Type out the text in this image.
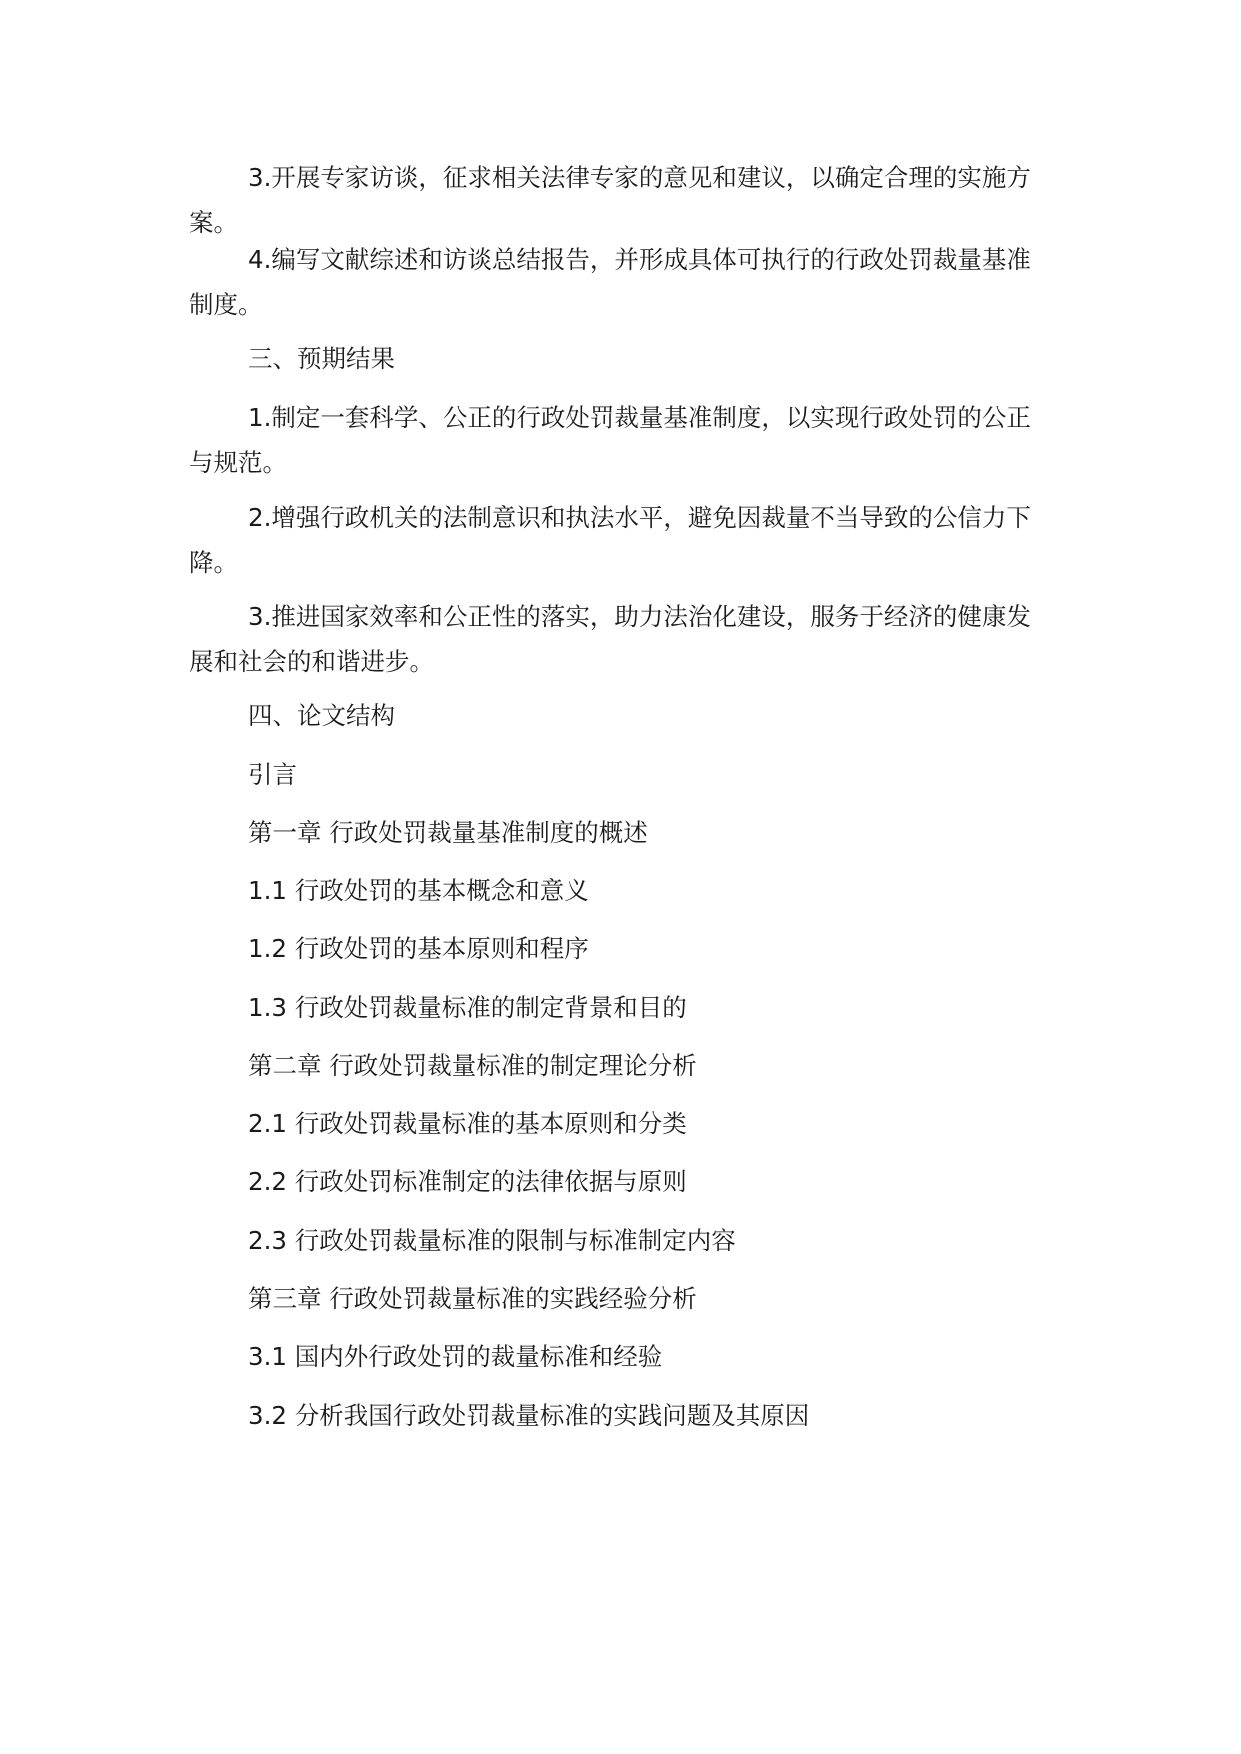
3.开展专家访谈，征求相关法律专家的意见和建议，以确定合理的实施方案。

4.编写文献综述和访谈总结报告，并形成具体可执行的行政处罚裁量基准制度。

三、预期结果

1.制定一套科学、公正的行政处罚裁量基准制度，以实现行政处罚的公正与规范。

2.增强行政机关的法制意识和执法水平，避免因裁量不当导致的公信力下降。

3.推进国家效率和公正性的落实，助力法治化建设，服务于经济的健康发展和社会的和谐进步。

四、论文结构

引言

第一章 行政处罚裁量基准制度的概述

1.1 行政处罚的基本概念和意义

1.2 行政处罚的基本原则和程序

1.3 行政处罚裁量标准的制定背景和目的

第二章 行政处罚裁量标准的制定理论分析

2.1 行政处罚裁量标准的基本原则和分类

2.2 行政处罚标准制定的法律依据与原则

2.3 行政处罚裁量标准的限制与标准制定内容

第三章 行政处罚裁量标准的实践经验分析

3.1 国内外行政处罚的裁量标准和经验

3.2 分析我国行政处罚裁量标准的实践问题及其原因
